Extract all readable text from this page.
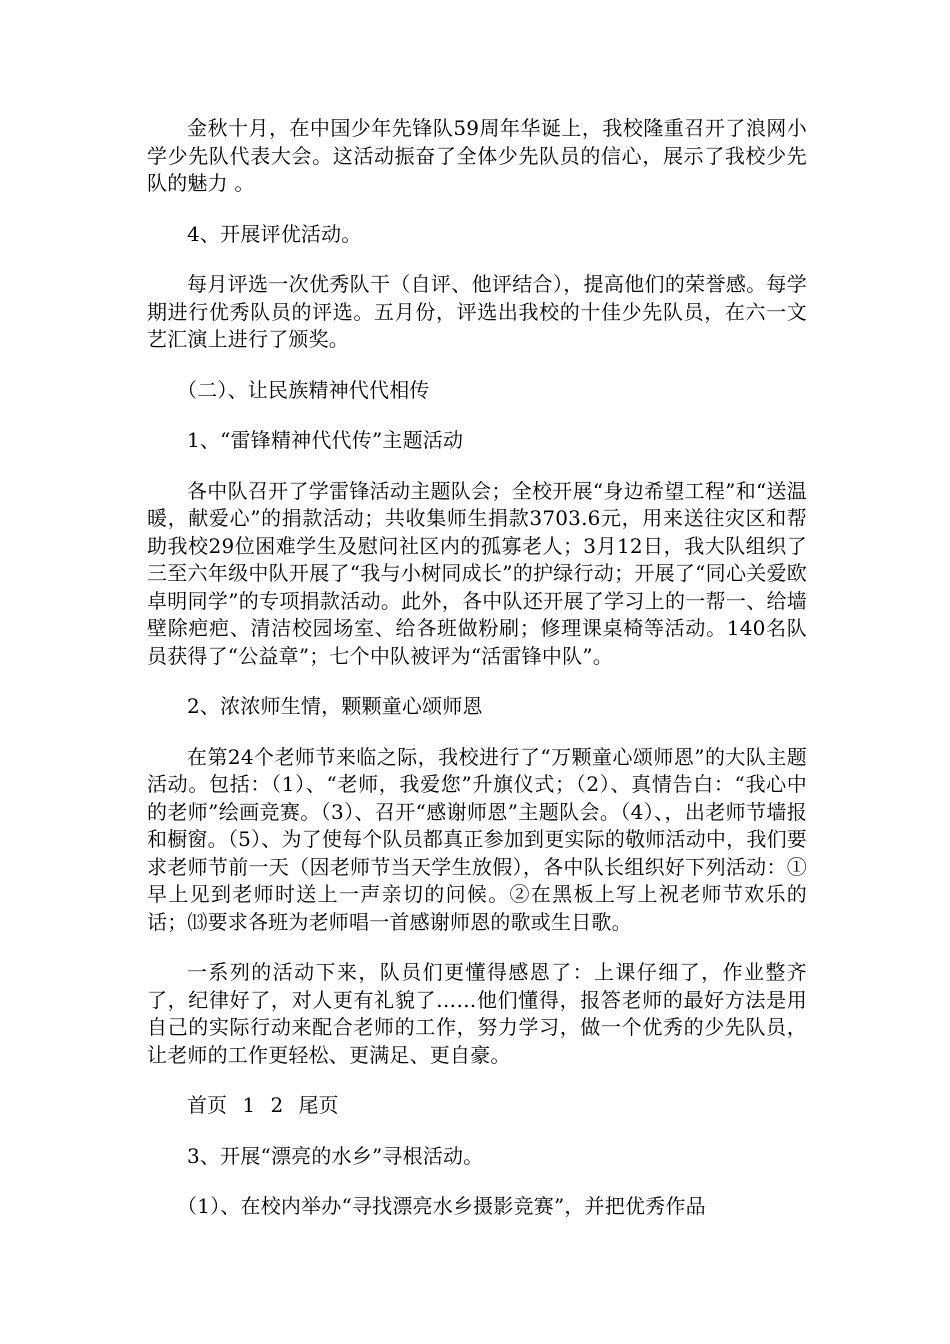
金秋十月，在中国少年先锋队59周年华诞上，我校隆重召开了浪网小学少先队代表大会。这活动振奋了全体少先队员的信心，展示了我校少先队的魅力 。

4、开展评优活动。

每月评选一次优秀队干（自评、他评结合），提高他们的荣誉感。每学期进行优秀队员的评选。五月份，评选出我校的十佳少先队员，在六一文艺汇演上进行了颁奖。

（二）、让民族精神代代相传

1、“雷锋精神代代传”主题活动

各中队召开了学雷锋活动主题队会；全校开展“身边希望工程”和“送温暖，献爱心”的捐款活动；共收集师生捐款3703.6元，用来送往灾区和帮助我校29位困难学生及慰问社区内的孤寡老人；3月12日，我大队组织了三至六年级中队开展了“我与小树同成长”的护绿行动；开展了“同心关爱欧卓明同学”的专项捐款活动。此外，各中队还开展了学习上的一帮一、给墙壁除疤疤、清洁校园场室、给各班做粉刷；修理课桌椅等活动。140名队员获得了“公益章”；七个中队被评为“活雷锋中队”。

2、浓浓师生情，颗颗童心颂师恩

在第24个老师节来临之际，我校进行了“万颗童心颂师恩”的大队主题活动。包括：（1）、“老师，我爱您”升旗仪式；（2）、真情告白：“我心中的老师”绘画竞赛。（3）、召开“感谢师恩”主题队会。（4）、，出老师节墙报和橱窗。（5）、为了使每个队员都真正参加到更实际的敬师活动中，我们要求老师节前一天（因老师节当天学生放假），各中队长组织好下列活动：①早上见到老师时送上一声亲切的问候。②在黑板上写上祝老师节欢乐的话；⒀要求各班为老师唱一首感谢师恩的歌或生日歌。

一系列的活动下来，队员们更懂得感恩了：上课仔细了，作业整齐了，纪律好了，对人更有礼貌了……他们懂得，报答老师的最好方法是用自己的实际行动来配合老师的工作，努力学习，做一个优秀的少先队员，让老师的工作更轻松、更满足、更自豪。

首页 1 2 尾页

3、开展“漂亮的水乡”寻根活动。

（1）、在校内举办“寻找漂亮水乡摄影竞赛”，并把优秀作品
